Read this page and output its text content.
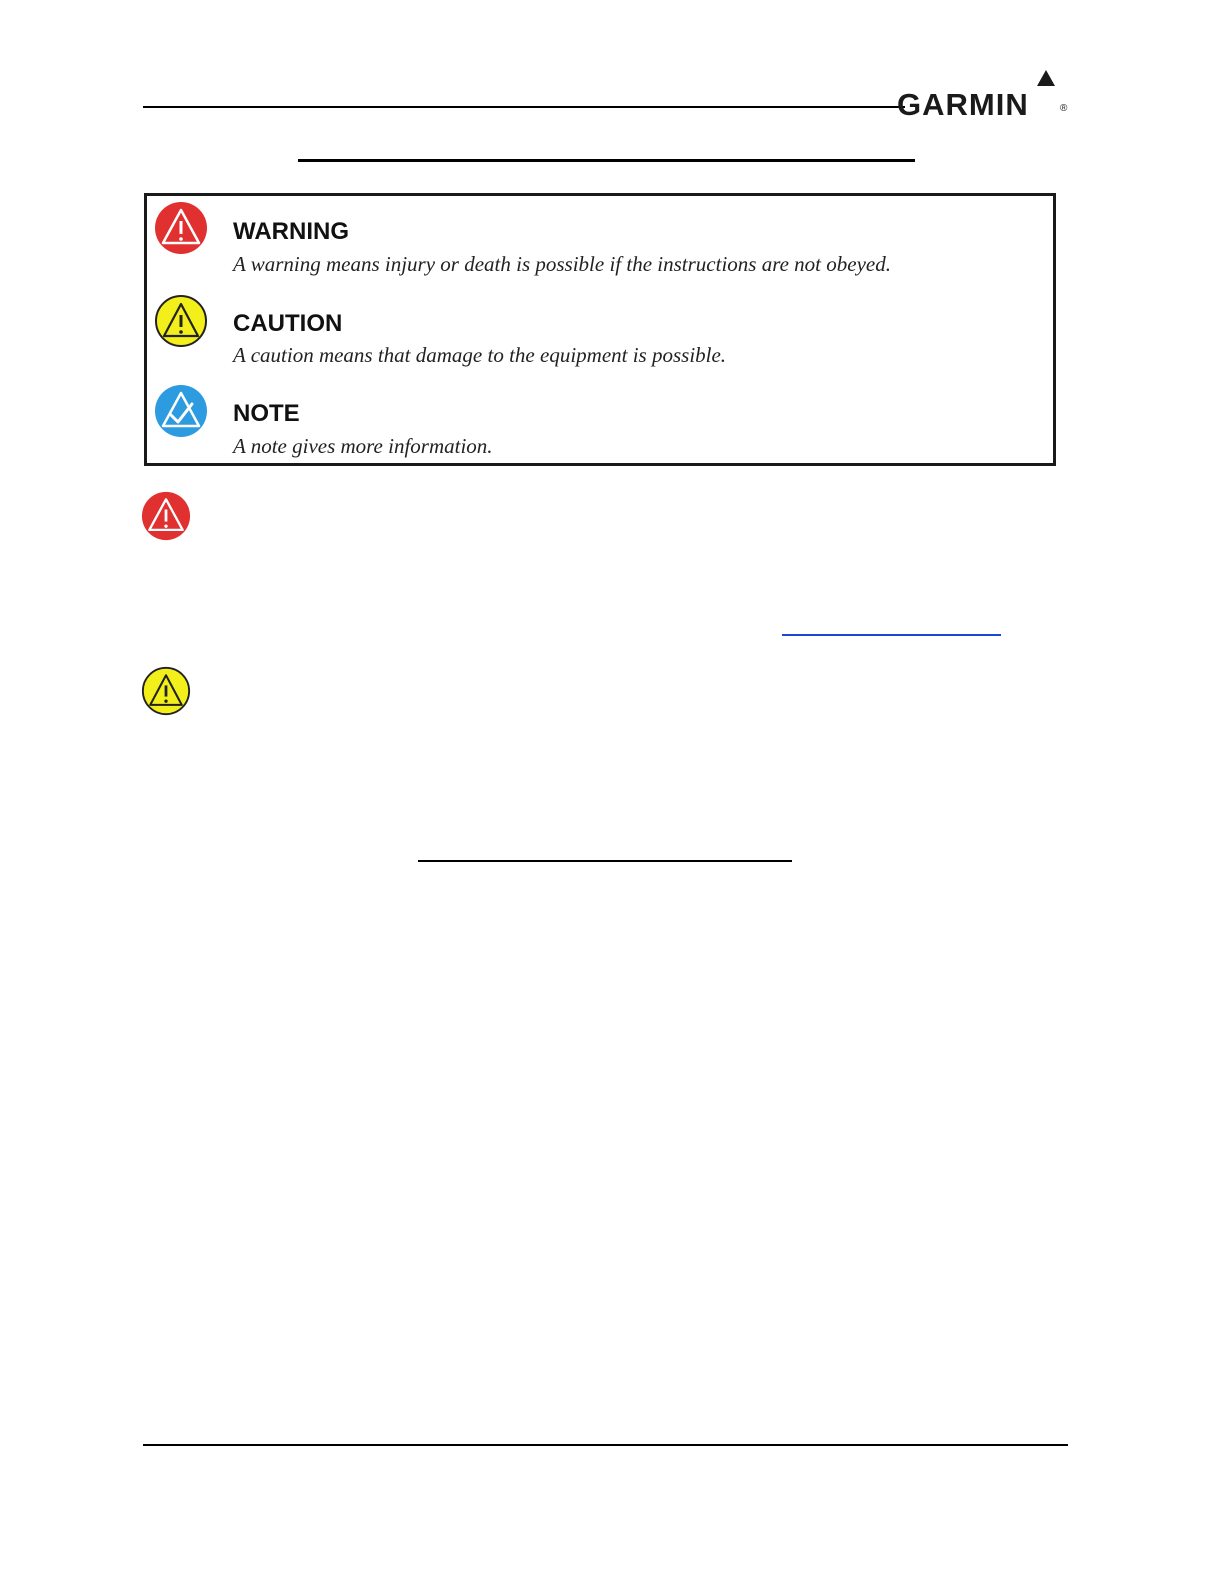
GARMIN	®
WARNING
A warning means injury or death is possible if the instructions are not obeyed.
CAUTION
A caution means that damage to the equipment is possible.
NOTE
A note gives more information.
